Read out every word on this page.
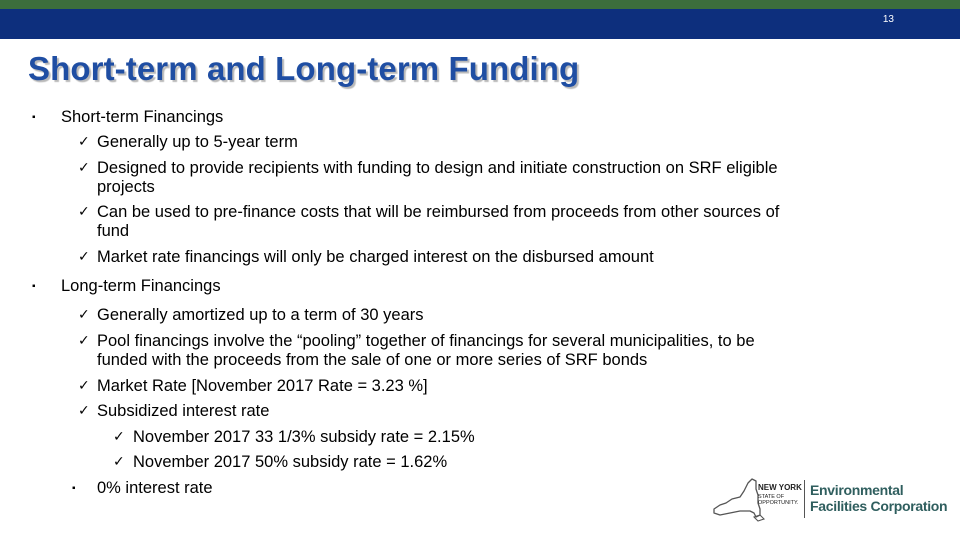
13
Short-term and Long-term Funding
▪ Short-term Financings
✓ Generally up to 5-year term
✓ Designed to provide recipients with funding to design and initiate construction on SRF eligible
projects
✓ Can be used to pre-finance costs that will be reimbursed from proceeds from other sources of
fund
✓ Market rate financings will only be charged interest on the disbursed amount
▪ Long-term Financings
✓ Generally amortized up to a term of 30 years
✓ Pool financings involve the “pooling” together of financings for several municipalities, to be
funded with the proceeds from the sale of one or more series of SRF bonds
✓ Market Rate [November 2017 Rate = 3.23 %]
✓ Subsidized interest rate
✓ November 2017 33 1/3% subsidy rate = 2.15%
✓ November 2017 50% subsidy rate = 1.62%
▪ 0% interest rate	NEW YORK
STATE OF
OPPORTUNITY.
Environmental
Facilities Corporation
